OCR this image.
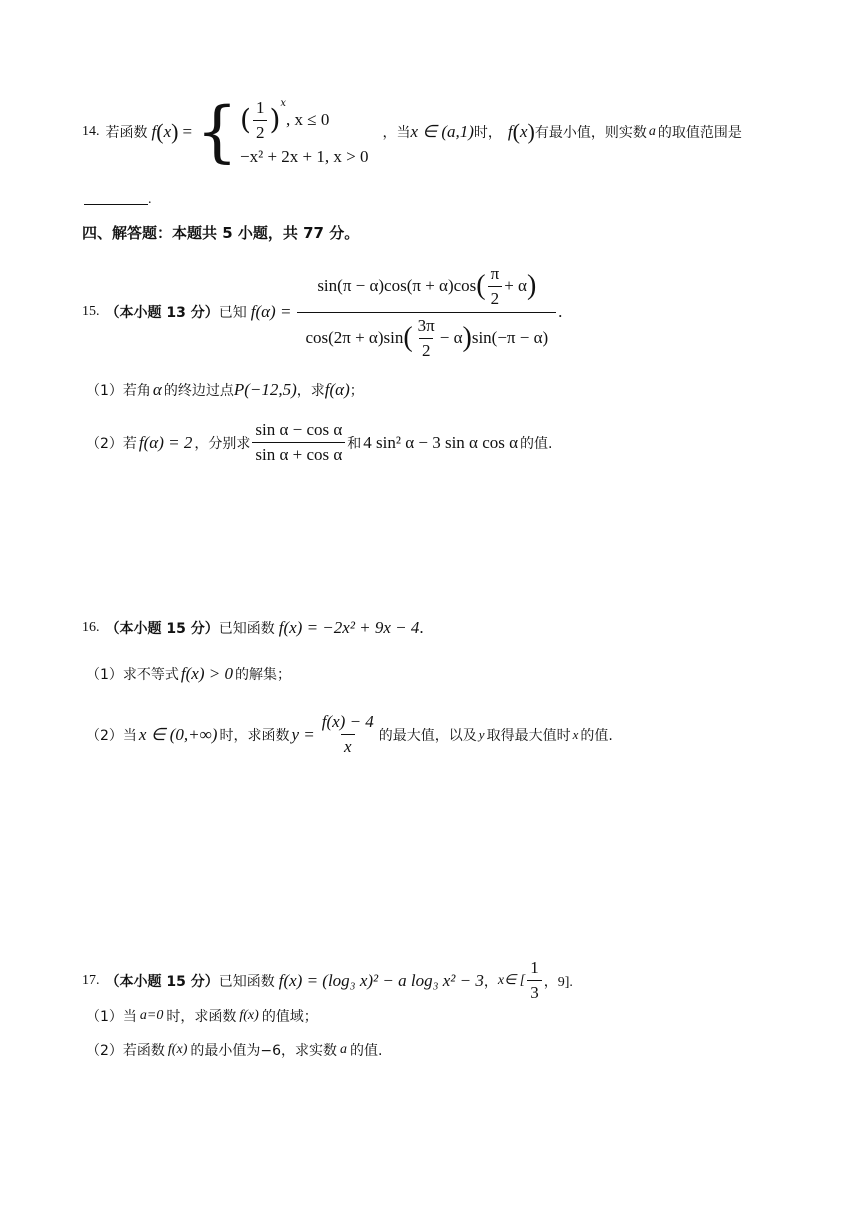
14. 若函数 f ( x ) = { ( $\frac{1}{2} )^x$
, x ≤ 0
−x² + 2x + 1, x > 0
，当 x ∈ (a,1) 时， f ( x ) 有最小值，则实数 a 的取值范围是
.
四、解答题：本题共 5 小题，共 77 分。
15. （本小题 13 分） 已知 f(α) =
sin(π − α)cos(π + α)cos ( $\frac{\pi}{2} + \alpha$ )
cos(2π + α)sin ( $\frac{3\pi}{2} - \alpha$ ) sin(−π − α)
.
（1） 若角 α 的终边过点 P(−12,5) ，求 f(α) ；
（2） 若 f(α) = 2 ，分别求 $\frac{\text{sin α − cos α}}{\text{sin α + cos α}}$ 和 4 sin² α − 3 sin α cos α 的值.
16. （本小题 15 分） 已知函数 f(x) = −2x² + 9x − 4 .
（1） 求不等式 f(x) > 0 的解集；
（2） 当 x ∈ (0,+∞) 时，求函数 $y = \frac{f(x) - 4}{x}$ 的最大值，以及 y 取得最大值时 x 的值.
17. （本小题 15 分） 已知函数 f(x) = (log₃ x)² − a log₃ x² − 3 ， x∈ [ $\frac{1}{3}$ ，9].
（1） 当 a=0 时，求函数 f(x) 的值域；
（2） 若函数 f(x) 的最小值为−6，求实数 a 的值.
